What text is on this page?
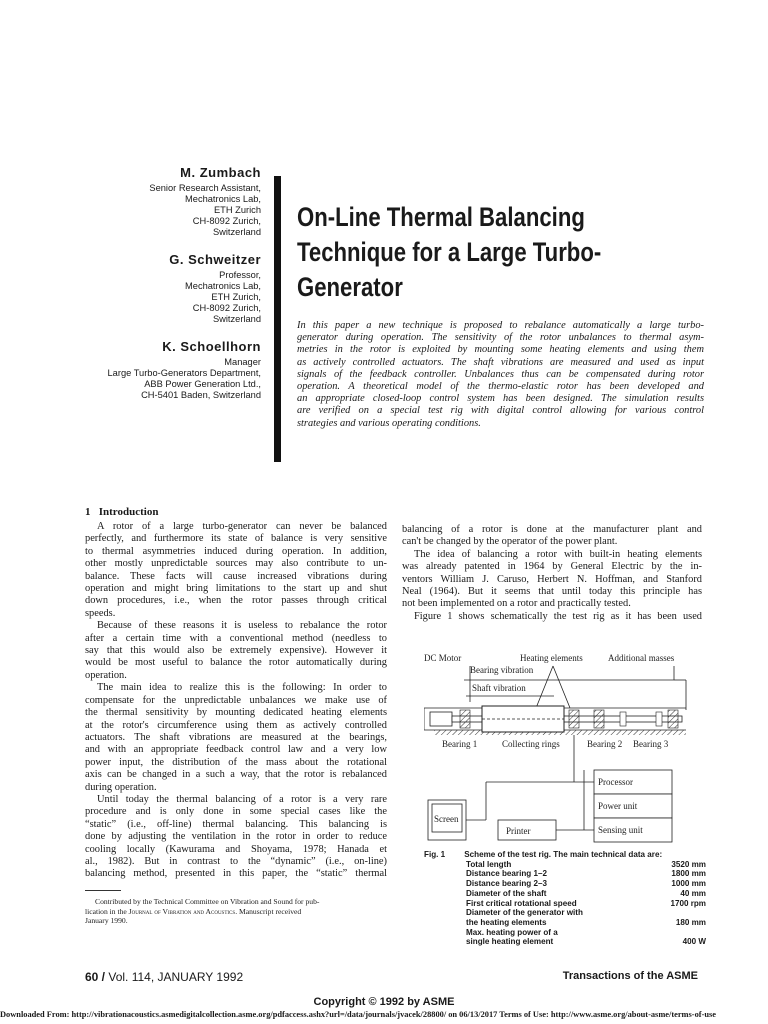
M. Zumbach
Senior Research Assistant,
Mechatronics Lab,
ETH Zurich
CH-8092 Zurich,
Switzerland
G. Schweitzer
Professor,
Mechatronics Lab,
ETH Zurich,
CH-8092 Zurich,
Switzerland
K. Schoellhorn
Manager
Large Turbo-Generators Department,
ABB Power Generation Ltd.,
CH-5401 Baden, Switzerland
On-Line Thermal Balancing
Technique for a Large Turbo-
Generator
In this paper a new technique is proposed to rebalance automatically a large turbo-
generator during operation. The sensitivity of the rotor unbalances to thermal asym-
metries in the rotor is exploited by mounting some heating elements and using them
as actively controlled actuators. The shaft vibrations are measured and used as input
signals of the feedback controller. Unbalances thus can be compensated during rotor
operation. A theoretical model of the thermo-elastic rotor has been developed and
an appropriate closed-loop control system has been designed. The simulation results
are verified on a special test rig with digital control allowing for various control
strategies and various operating conditions.
1 Introduction
A rotor of a large turbo-generator can never be balanced
perfectly, and furthermore its state of balance is very sensitive
to thermal asymmetries induced during operation. In addition,
other mostly unpredictable sources may also contribute to un-
balance. These facts will cause increased vibrations during
operation and might bring limitations to the start up and shut
down procedures, i.e., when the rotor passes through critical
speeds.
Because of these reasons it is useless to rebalance the rotor
after a certain time with a conventional method (needless to
say that this would also be extremely expensive). However it
would be most useful to balance the rotor automatically during
operation.
The main idea to realize this is the following: In order to
compensate for the unpredictable unbalances we make use of
the thermal sensitivity by mounting dedicated heating elements
at the rotor's circumference using them as actively controlled
actuators. The shaft vibrations are measured at the bearings,
and with an appropriate feedback control law and a very low
power input, the distribution of the mass about the rotational
axis can be changed in a such a way, that the rotor is rebalanced
during operation.
Until today the thermal balancing of a rotor is a very rare
procedure and is only done in some special cases like the
“static” (i.e., off-line) thermal balancing. This balancing is
done by adjusting the ventilation in the rotor in order to reduce
cooling locally (Kawurama and Shoyama, 1978; Hanada et
al., 1982). But in contrast to the “dynamic” (i.e., on-line)
balancing method, presented in this paper, the “static” thermal
balancing of a rotor is done at the manufacturer plant and
can't be changed by the operator of the power plant.
The idea of balancing a rotor with built-in heating elements
was already patented in 1964 by General Electric by the in-
ventors William J. Caruso, Herbert N. Hoffman, and Stanford
Neal (1964). But it seems that until today this principle has
not been implemented on a rotor and practically tested.
Figure 1 shows schematically the test rig as it has been used
DC Motor	Heating elements	Additional masses
Bearing vibration
Shaft vibration
Bearing 1	Collecting rings	Bearing 2 Bearing 3
Processor
Power unit
Sensing unit
Screen
Printer
Fig. 1 Scheme of the test rig. The main technical data are:
Total length	3520 mm
Distance bearing 1–2	1800 mm
Distance bearing 2–3	1000 mm
Diameter of the shaft	40 mm
First critical rotational speed	1700 rpm
Diameter of the generator with
the heating elements	180 mm
Max. heating power of a
single heating element	400 W
Contributed by the Technical Committee on Vibration and Sound for pub-
lication in the Journal of Vibration and Acoustics. Manuscript received
January 1990.
60 / Vol. 114, JANUARY 1992	Transactions of the ASME
Copyright © 1992 by ASME
Downloaded From: http://vibrationacoustics.asmedigitalcollection.asme.org/pdfaccess.ashx?url=/data/journals/jvacek/28800/ on 06/13/2017 Terms of Use: http://www.asme.org/about-asme/terms-of-use
